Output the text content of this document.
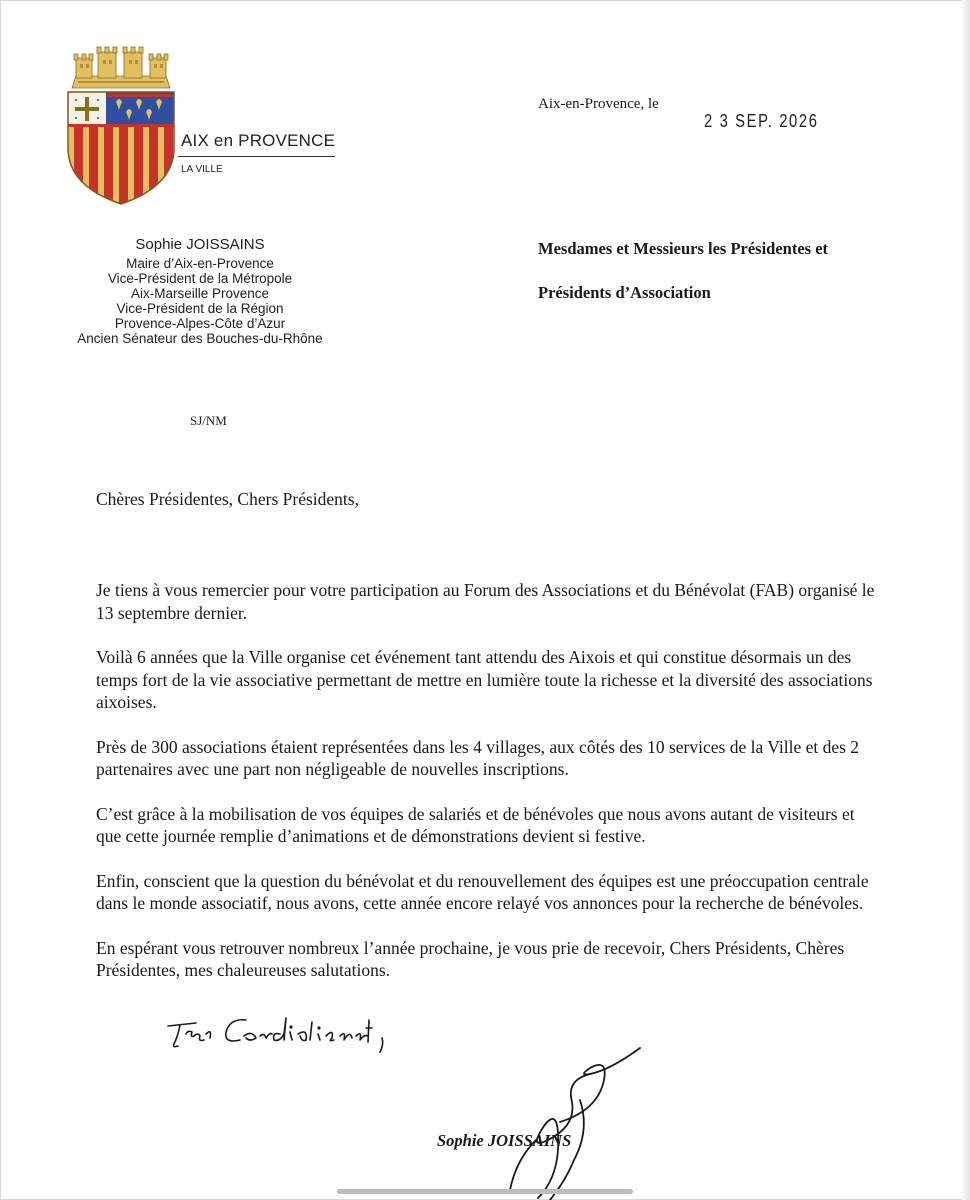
AIX en PROVENCE
LA VILLE
Sophie JOISSAINS
Maire d’Aix-en-Provence
Vice-Président de la Métropole
Aix-Marseille Provence
Vice-Président de la Région
Provence-Alpes-Côte d’Azur
Ancien Sénateur des Bouches-du-Rhône
Aix-en-Provence, le
2 3 SEP. 2026
Mesdames et Messieurs les Présidentes et
Présidents d’Association
SJ/NM
Chères Présidentes, Chers Présidents,

Je tiens à vous remercier pour votre participation au Forum des Associations et du Bénévolat (FAB) organisé le 13 septembre dernier.

Voilà 6 années que la Ville organise cet événement tant attendu des Aixois et qui constitue désormais un des temps fort de la vie associative permettant de mettre en lumière toute la richesse et la diversité des associations aixoises.

Près de 300 associations étaient représentées dans les 4 villages, aux côtés des 10 services de la Ville et des 2 partenaires avec une part non négligeable de nouvelles inscriptions.

C’est grâce à la mobilisation de vos équipes de salariés et de bénévoles que nous avons autant de visiteurs et que cette journée remplie d’animations et de démonstrations devient si festive.

Enfin, conscient que la question du bénévolat et du renouvellement des équipes est une préoccupation centrale dans le monde associatif, nous avons, cette année encore relayé vos annonces pour la recherche de bénévoles.

En espérant vous retrouver nombreux l’année prochaine, je vous prie de recevoir, Chers Présidents, Chères Présidentes, mes chaleureuses salutations.

Sophie JOISSAINS
